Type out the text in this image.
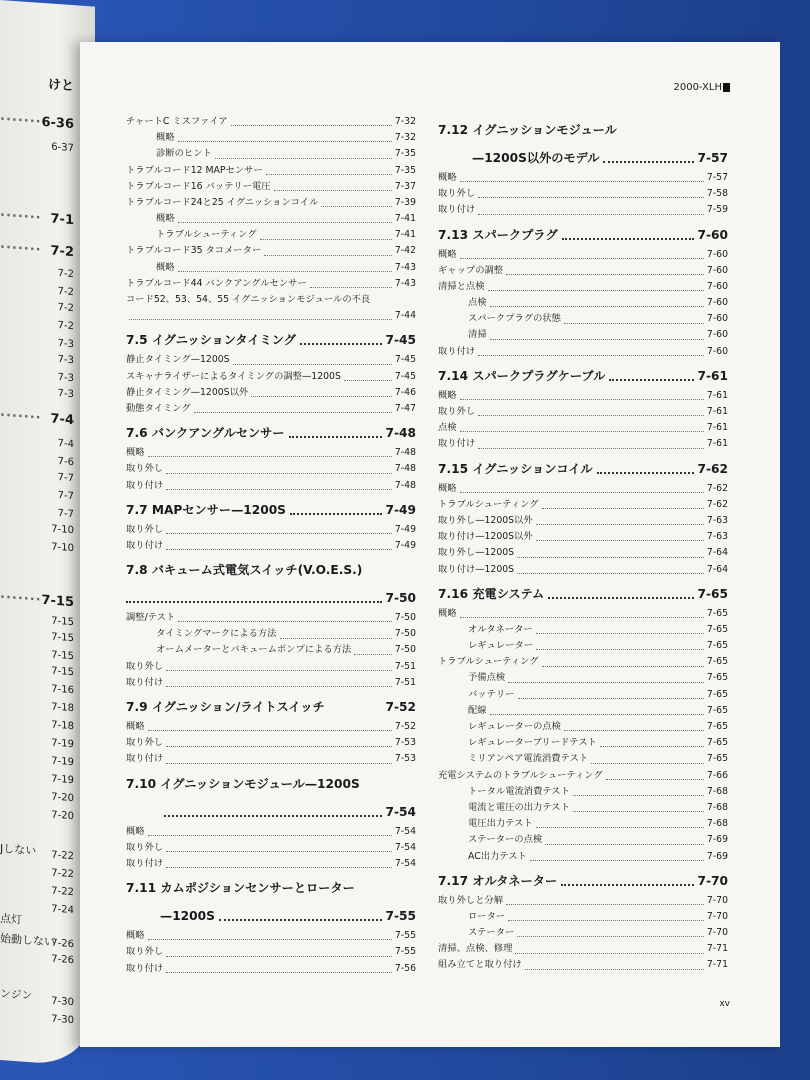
けと
······· 6-36
6-37
······· 7-1
······· 7-2
7-2
7-2
7-2
7-2
7-3
7-3
7-3
7-3
······· 7-4
7-4
7-6
7-7
7-7
7-7
7-10
7-10
······· 7-15
7-15
7-15
7-15
7-15
7-16
7-18
7-18
7-19
7-19
7-19
7-20
7-20
7-22
7-22
7-22
7-24
7-26
7-26
7-30
7-30
Jしない
点灯
始動しない
ンジン
2000-XLH
チャートC ミスファイア	7-32
概略	7-32
診断のヒント	7-35
トラブルコード12 MAPセンサー	7-35
トラブルコード16 バッテリー電圧	7-37
トラブルコード24と25 イグニッションコイル	7-39
概略	7-41
トラブルシューティング	7-41
トラブルコード35 タコメーター	7-42
概略	7-43
トラブルコード44 バンクアングルセンサー	7-43
コード52、53、54、55 イグニッションモジュールの不良
7-44
7.5 イグニッションタイミング	7-45
静止タイミング—1200S	7-45
スキャナライザーによるタイミングの調整—1200S	7-45
静止タイミング—1200S以外	7-46
動態タイミング	7-47
7.6 バンクアングルセンサー	7-48
概略	7-48
取り外し	7-48
取り付け	7-48
7.7 MAPセンサー—1200S	7-49
取り外し	7-49
取り付け	7-49
7.8 バキューム式電気スイッチ(V.O.E.S.)
7-50
調整/テスト	7-50
タイミングマークによる方法	7-50
オームメーターとバキュームポンプによる方法	7-50
取り外し	7-51
取り付け	7-51
7.9 イグニッション/ライトスイッチ	7-52
概略	7-52
取り外し	7-53
取り付け	7-53
7.10 イグニッションモジュール—1200S
7-54
概略	7-54
取り外し	7-54
取り付け	7-54
7.11 カムポジションセンサーとローター
—1200S	7-55
概略	7-55
取り外し	7-55
取り付け	7-56
7.12 イグニッションモジュール
—1200S以外のモデル	7-57
概略	7-57
取り外し	7-58
取り付け	7-59
7.13 スパークプラグ	7-60
概略	7-60
ギャップの調整	7-60
清掃と点検	7-60
点検	7-60
スパークプラグの状態	7-60
清掃	7-60
取り付け	7-60
7.14 スパークプラグケーブル	7-61
概略	7-61
取り外し	7-61
点検	7-61
取り付け	7-61
7.15 イグニッションコイル	7-62
概略	7-62
トラブルシューティング	7-62
取り外し—1200S以外	7-63
取り付け—1200S以外	7-63
取り外し—1200S	7-64
取り付け—1200S	7-64
7.16 充電システム	7-65
概略	7-65
オルタネーター	7-65
レギュレーター	7-65
トラブルシューティング	7-65
予備点検	7-65
バッテリー	7-65
配線	7-65
レギュレーターの点検	7-65
レギュレーターブリードテスト	7-65
ミリアンペア電流消費テスト	7-65
充電システムのトラブルシューティング	7-66
トータル電流消費テスト	7-68
電流と電圧の出力テスト	7-68
電圧出力テスト	7-68
ステーターの点検	7-69
AC出力テスト	7-69
7.17 オルタネーター	7-70
取り外しと分解	7-70
ローター	7-70
ステーター	7-70
清掃、点検、修理	7-71
組み立てと取り付け	7-71
xv
